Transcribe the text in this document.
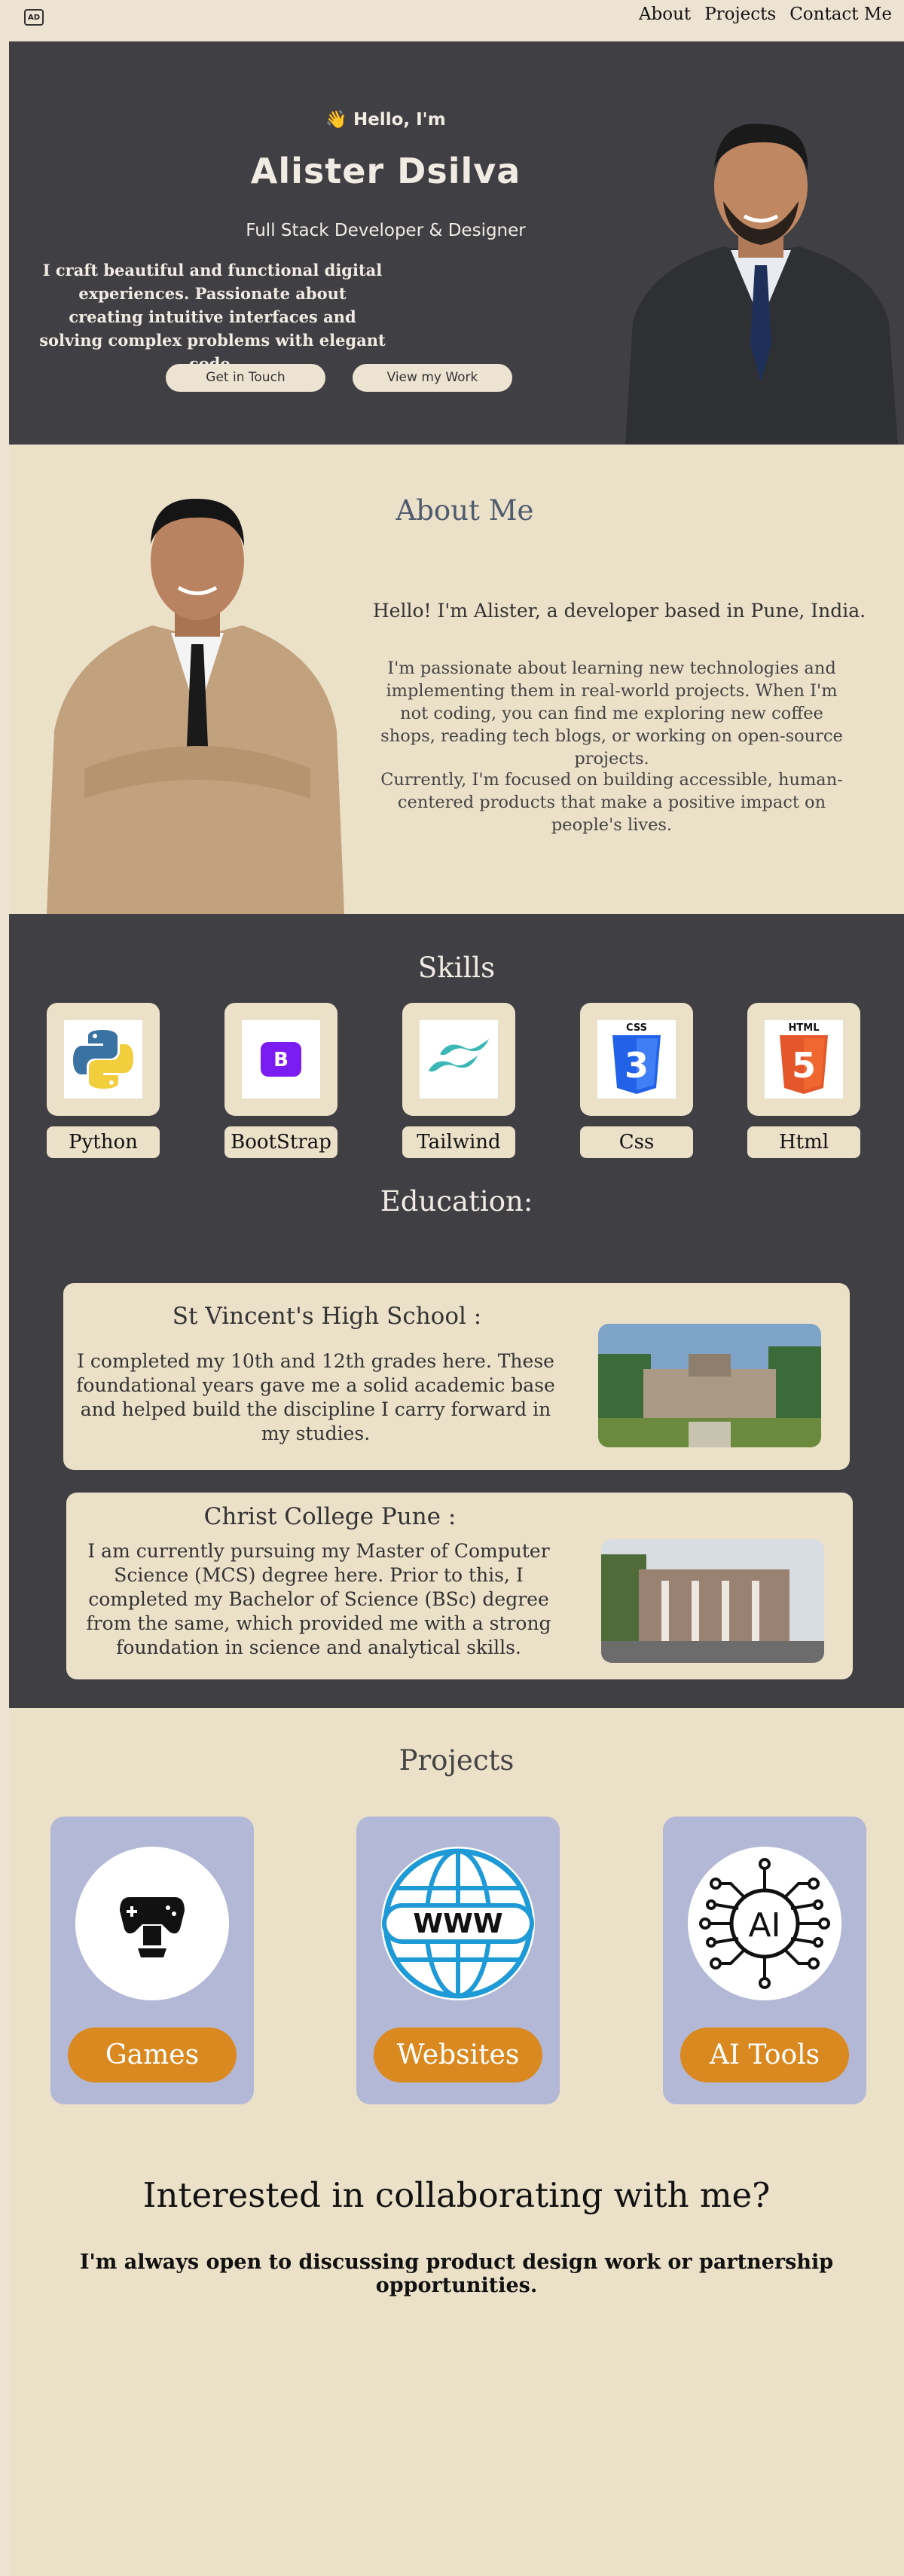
AD	About Projects Contact Me
👋 Hello, I'm
Alister Dsilva
Full Stack Developer & Designer
I craft beautiful and functional digital experiences. Passionate about creating intuitive interfaces and solving complex problems with elegant
Get in Touch	View my Work
About Me
Hello! I'm Alister, a developer based in Pune, India.
I'm passionate about learning new technologies and implementing them in real-world projects. When I'm not coding, you can find me exploring new coffee shops, reading tech blogs, or working on open-source projects.
Currently, I'm focused on building accessible, human-centered products that make a positive impact on people's lives.
Skills
Python
B
BootStrap	Tailwind
CSS
3
Css
HTML
5
Html
Education:
St Vincent's High School :

I completed my 10th and 12th grades here. These foundational years gave me a solid academic base and helped build the discipline I carry forward in my studies.

Christ College Pune :

I am currently pursuing my Master of Computer Science (MCS) degree here. Prior to this, I completed my Bachelor of Science (BSc) degree from the same, which provided me with a strong foundation in science and analytical skills.

Projects
Games
WWW
Websites
AI
AI Tools
Interested in collaborating with me?
I'm always open to discussing product design work or partnership opportunities.
